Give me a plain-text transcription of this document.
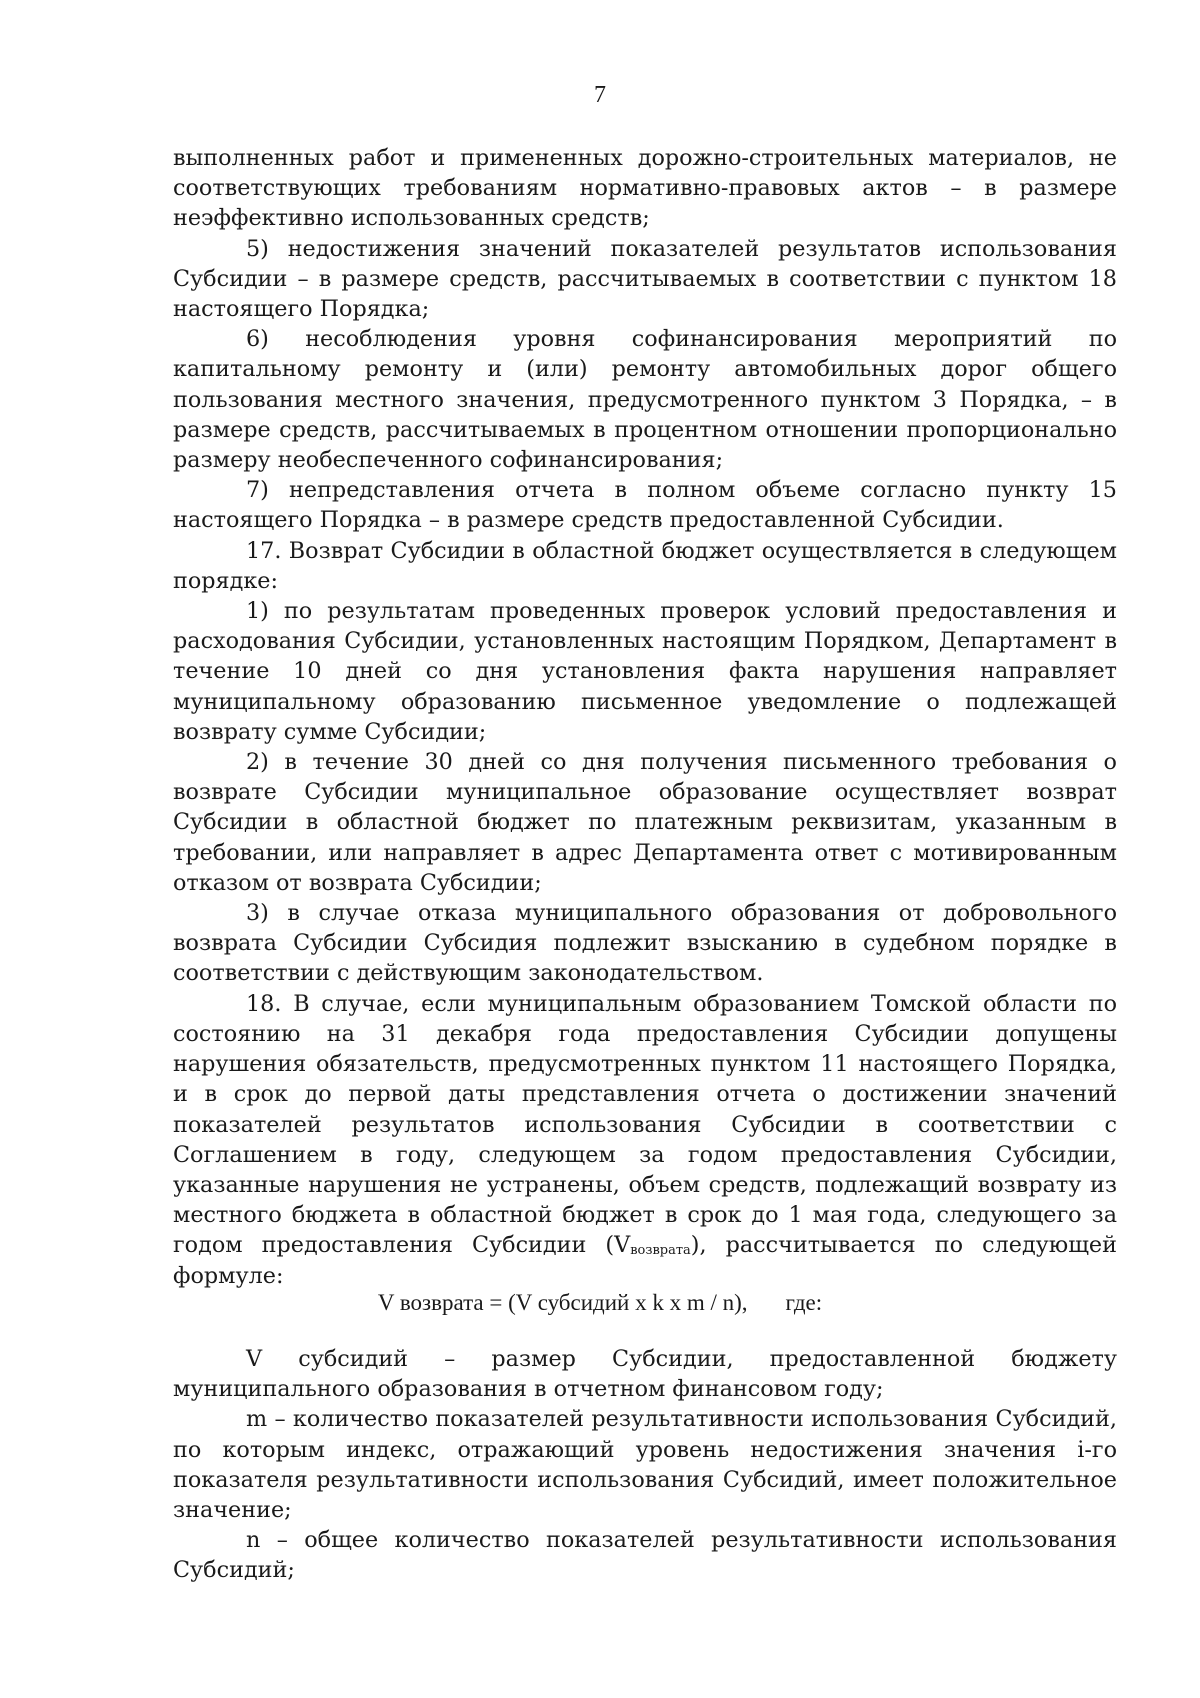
7

выполненных работ и примененных дорожно-строительных материалов, не соответствующих требованиям нормативно-правовых актов – в размере неэффективно использованных средств;

5) недостижения значений показателей результатов использования Субсидии – в размере средств, рассчитываемых в соответствии с пунктом 18 настоящего Порядка;

6) несоблюдения уровня софинансирования мероприятий по капитальному ремонту и (или) ремонту автомобильных дорог общего пользования местного значения, предусмотренного пунктом 3 Порядка, – в размере средств, рассчитываемых в процентном отношении пропорционально размеру необеспеченного софинансирования;

7) непредставления отчета в полном объеме согласно пункту 15 настоящего Порядка – в размере средств предоставленной Субсидии.

17. Возврат Субсидии в областной бюджет осуществляется в следующем порядке:

1) по результатам проведенных проверок условий предоставления и расходования Субсидии, установленных настоящим Порядком, Департамент в течение 10 дней со дня установления факта нарушения направляет муниципальному образованию письменное уведомление о подлежащей возврату сумме Субсидии;

2) в течение 30 дней со дня получения письменного требования о возврате Субсидии муниципальное образование осуществляет возврат Субсидии в областной бюджет по платежным реквизитам, указанным в требовании, или направляет в адрес Департамента ответ с мотивированным отказом от возврата Субсидии;

3) в случае отказа муниципального образования от добровольного возврата Субсидии Субсидия подлежит взысканию в судебном порядке в соответствии с действующим законодательством.

18. В случае, если муниципальным образованием Томской области по состоянию на 31 декабря года предоставления Субсидии допущены нарушения обязательств, предусмотренных пунктом 11 настоящего Порядка, и в срок до первой даты представления отчета о достижении значений показателей результатов использования Субсидии в соответствии с Соглашением в году, следующем за годом предоставления Субсидии, указанные нарушения не устранены, объем средств, подлежащий возврату из местного бюджета в областной бюджет в срок до 1 мая года, следующего за годом предоставления Субсидии $(V_{возврата})$, рассчитывается по следующей формуле:

V возврата = (V субсидий x k x m / n), где:

V субсидий – размер Субсидии, предоставленной бюджету муниципального образования в отчетном финансовом году;

m – количество показателей результативности использования Субсидий, по которым индекс, отражающий уровень недостижения значения i-го показателя результативности использования Субсидий, имеет положительное значение;

n – общее количество показателей результативности использования Субсидий;
